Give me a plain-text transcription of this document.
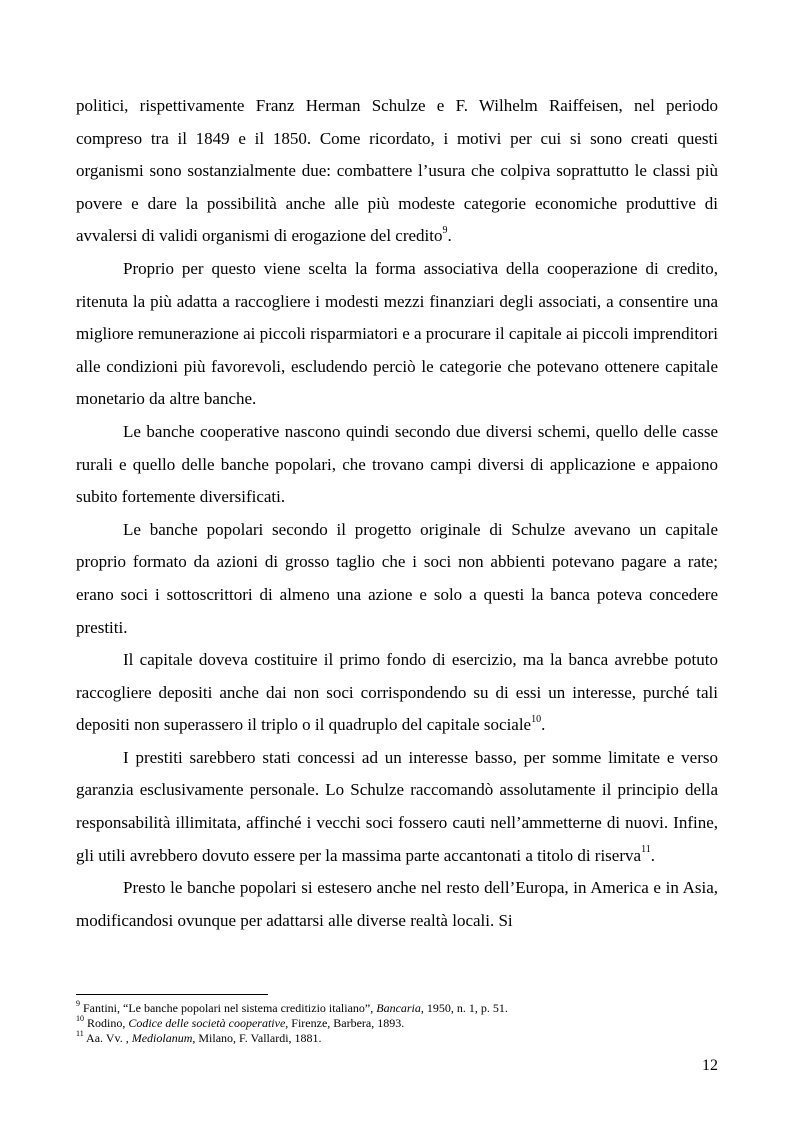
politici, rispettivamente Franz Herman Schulze e F. Wilhelm Raiffeisen, nel periodo compreso tra il 1849 e il 1850. Come ricordato, i motivi per cui si sono creati questi organismi sono sostanzialmente due: combattere l’usura che colpiva soprattutto le classi più povere e dare la possibilità anche alle più modeste categorie economiche produttive di avvalersi di validi organismi di erogazione del credito$^9$.

Proprio per questo viene scelta la forma associativa della cooperazione di credito, ritenuta la più adatta a raccogliere i modesti mezzi finanziari degli associati, a consentire una migliore remunerazione ai piccoli risparmiatori e a procurare il capitale ai piccoli imprenditori alle condizioni più favorevoli, escludendo perciò le categorie che potevano ottenere capitale monetario da altre banche.

Le banche cooperative nascono quindi secondo due diversi schemi, quello delle casse rurali e quello delle banche popolari, che trovano campi diversi di applicazione e appaiono subito fortemente diversificati.

Le banche popolari secondo il progetto originale di Schulze avevano un capitale proprio formato da azioni di grosso taglio che i soci non abbienti potevano pagare a rate; erano soci i sottoscrittori di almeno una azione e solo a questi la banca poteva concedere prestiti.

Il capitale doveva costituire il primo fondo di esercizio, ma la banca avrebbe potuto raccogliere depositi anche dai non soci corrispondendo su di essi un interesse, purché tali depositi non superassero il triplo o il quadruplo del capitale sociale$^{10}$.

I prestiti sarebbero stati concessi ad un interesse basso, per somme limitate e verso garanzia esclusivamente personale. Lo Schulze raccomandò assolutamente il principio della responsabilità illimitata, affinché i vecchi soci fossero cauti nell’ammetterne di nuovi. Infine, gli utili avrebbero dovuto essere per la massima parte accantonati a titolo di riserva$^{11}$.

Presto le banche popolari si estesero anche nel resto dell’Europa, in America e in Asia, modificandosi ovunque per adattarsi alle diverse realtà locali. Si

$^9$ Fantini, “Le banche popolari nel sistema creditizio italiano”, Bancaria, 1950, n. 1, p. 51.
$^{10}$ Rodino, Codice delle società cooperative, Firenze, Barbera, 1893.
$^{11}$ Aa. Vv. , Mediolanum, Milano, F. Vallardi, 1881.
12
